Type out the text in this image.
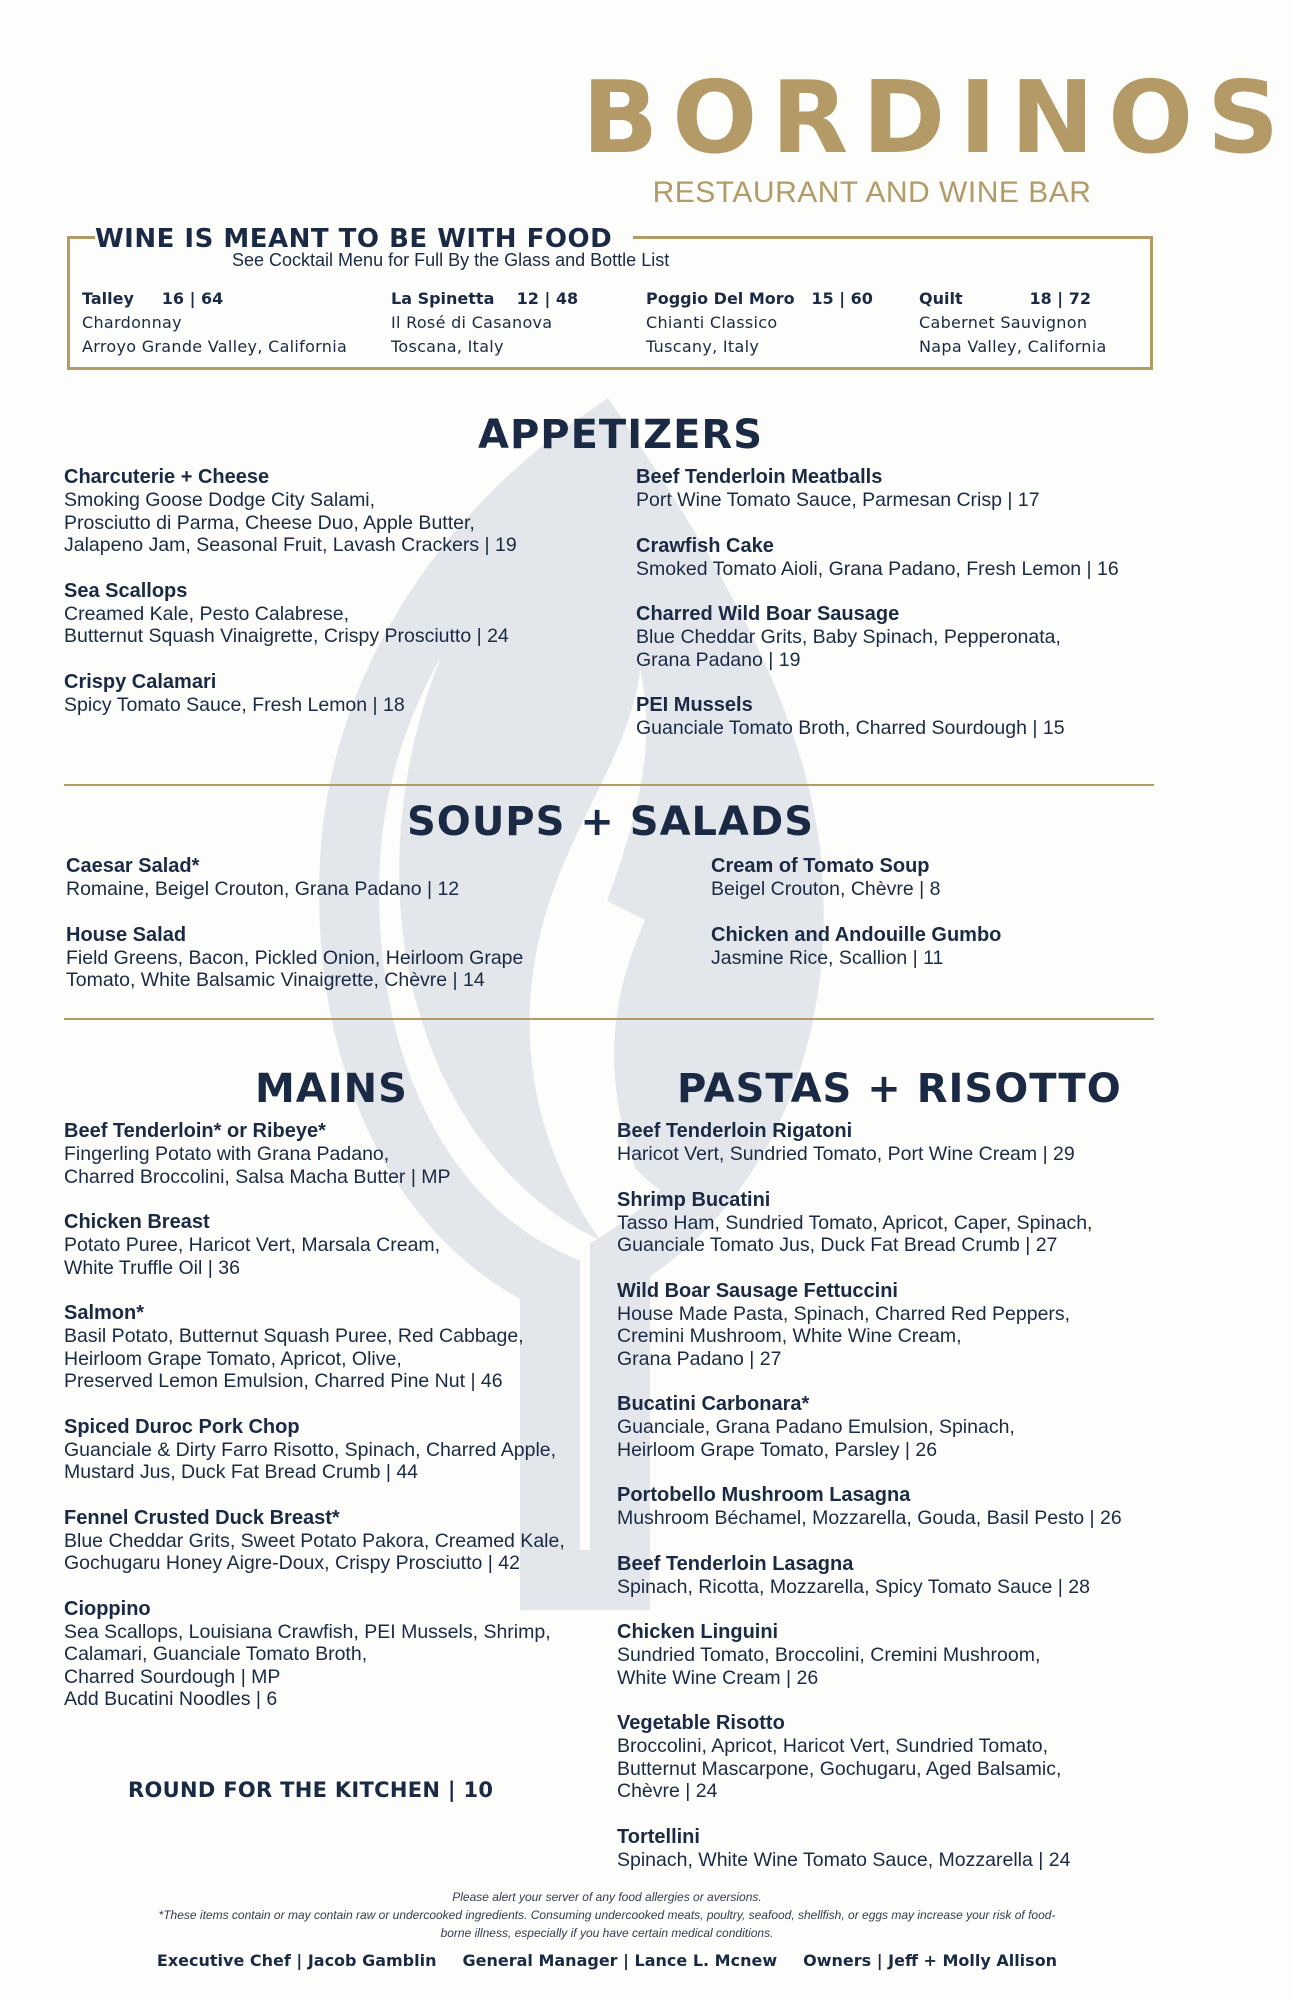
BORDINOS
RESTAURANT AND WINE BAR
WINE IS MEANT TO BE WITH FOOD
See Cocktail Menu for Full By the Glass and Bottle List
Talley     16 | 64
Chardonnay
Arroyo Grande Valley, California
La Spinetta    12 | 48
Il Rosé di Casanova
Toscana, Italy
Poggio Del Moro   15 | 60
Chianti Classico
Tuscany, Italy
Quilt            18 | 72
Cabernet Sauvignon
Napa Valley, California
APPETIZERS
Charcuterie + Cheese
Smoking Goose Dodge City Salami,
Prosciutto di Parma, Cheese Duo, Apple Butter,
Jalapeno Jam, Seasonal Fruit, Lavash Crackers | 19
Sea Scallops
Creamed Kale, Pesto Calabrese,
Butternut Squash Vinaigrette, Crispy Prosciutto | 24
Crispy Calamari
Spicy Tomato Sauce, Fresh Lemon | 18
Beef Tenderloin Meatballs
Port Wine Tomato Sauce, Parmesan Crisp | 17
Crawfish Cake
Smoked Tomato Aioli, Grana Padano, Fresh Lemon | 16
Charred Wild Boar Sausage
Blue Cheddar Grits, Baby Spinach, Pepperonata,
Grana Padano | 19
PEI Mussels
Guanciale Tomato Broth, Charred Sourdough | 15
SOUPS + SALADS
Caesar Salad*
Romaine, Beigel Crouton, Grana Padano | 12
House Salad
Field Greens, Bacon, Pickled Onion, Heirloom Grape
Tomato, White Balsamic Vinaigrette, Chèvre | 14
Cream of Tomato Soup
Beigel Crouton, Chèvre | 8
Chicken and Andouille Gumbo
Jasmine Rice, Scallion | 11
MAINS
Beef Tenderloin* or Ribeye*
Fingerling Potato with Grana Padano,
Charred Broccolini, Salsa Macha Butter | MP
Chicken Breast
Potato Puree, Haricot Vert, Marsala Cream,
White Truffle Oil | 36
Salmon*
Basil Potato, Butternut Squash Puree, Red Cabbage,
Heirloom Grape Tomato, Apricot, Olive,
Preserved Lemon Emulsion, Charred Pine Nut | 46
Spiced Duroc Pork Chop
Guanciale & Dirty Farro Risotto, Spinach, Charred Apple,
Mustard Jus, Duck Fat Bread Crumb | 44
Fennel Crusted Duck Breast*
Blue Cheddar Grits, Sweet Potato Pakora, Creamed Kale,
Gochugaru Honey Aigre-Doux, Crispy Prosciutto | 42
Cioppino
Sea Scallops, Louisiana Crawfish, PEI Mussels, Shrimp,
Calamari, Guanciale Tomato Broth,
Charred Sourdough | MP
Add Bucatini Noodles | 6
ROUND FOR THE KITCHEN | 10
PASTAS + RISOTTO
Beef Tenderloin Rigatoni
Haricot Vert, Sundried Tomato, Port Wine Cream | 29
Shrimp Bucatini
Tasso Ham, Sundried Tomato, Apricot, Caper, Spinach,
Guanciale Tomato Jus, Duck Fat Bread Crumb | 27
Wild Boar Sausage Fettuccini
House Made Pasta, Spinach, Charred Red Peppers,
Cremini Mushroom, White Wine Cream,
Grana Padano | 27
Bucatini Carbonara*
Guanciale, Grana Padano Emulsion, Spinach,
Heirloom Grape Tomato, Parsley | 26
Portobello Mushroom Lasagna
Mushroom Béchamel, Mozzarella, Gouda, Basil Pesto | 26
Beef Tenderloin Lasagna
Spinach, Ricotta, Mozzarella, Spicy Tomato Sauce | 28
Chicken Linguini
Sundried Tomato, Broccolini, Cremini Mushroom,
White Wine Cream | 26
Vegetable Risotto
Broccolini, Apricot, Haricot Vert, Sundried Tomato,
Butternut Mascarpone, Gochugaru, Aged Balsamic,
Chèvre | 24
Tortellini
Spinach, White Wine Tomato Sauce, Mozzarella | 24
Please alert your server of any food allergies or aversions.
*These items contain or may contain raw or undercooked ingredients. Consuming undercooked meats, poultry, seafood, shellfish, or eggs may increase your risk of food-
borne illness, especially if you have certain medical conditions.
Executive Chef | Jacob Gamblin General Manager | Lance L. Mcnew Owners | Jeff + Molly Allison
